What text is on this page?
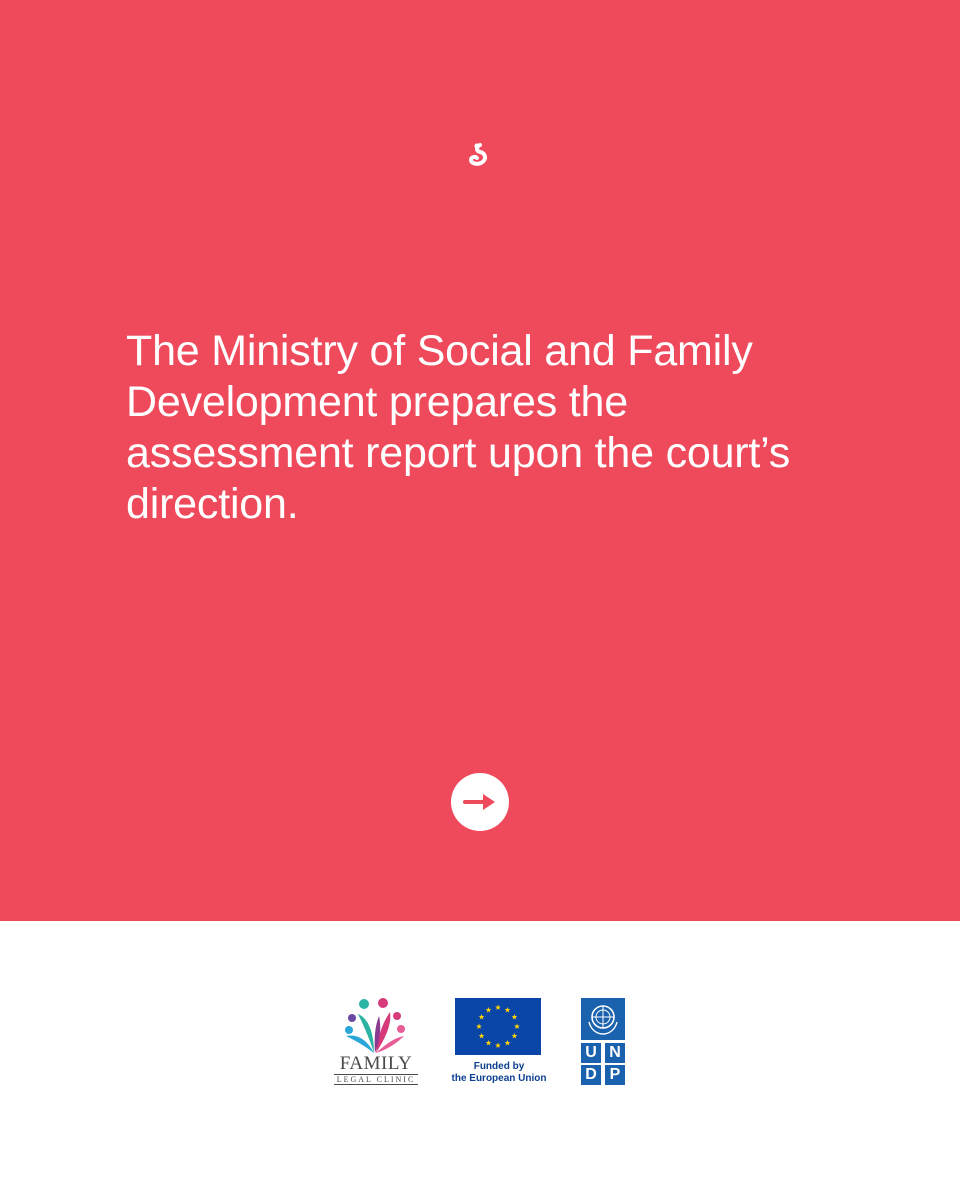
The Ministry of Social and Family Development prepares the assessment report upon the court’s direction.

FAMILY
LEGAL CLINIC
Funded by
the European Union
U N
D P
